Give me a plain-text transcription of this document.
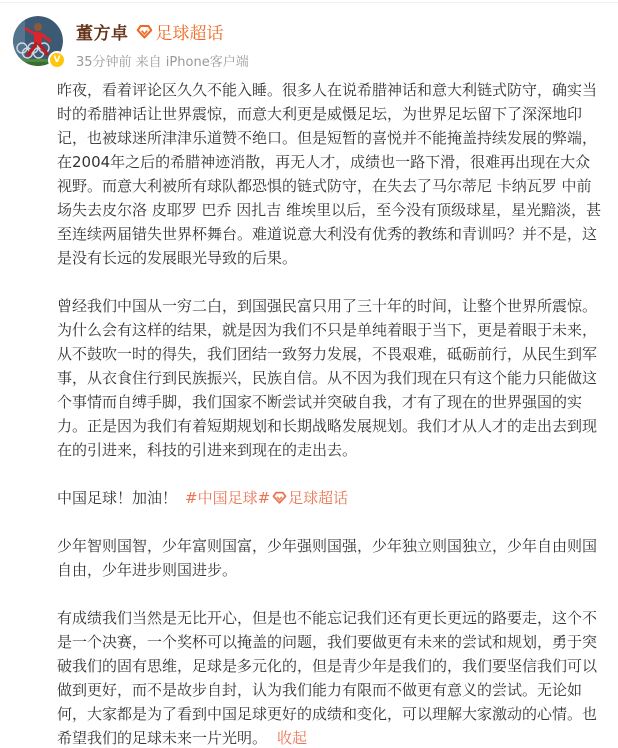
V
董方卓 足球超话
35分钟前 来自 iPhone客户端

昨夜，看着评论区久久不能入睡。很多人在说希腊神话和意大利链式防守，确实当时的希腊神话让世界震惊，而意大利更是威慑足坛，为世界足坛留下了深深地印记，也被球迷所津津乐道赞不绝口。但是短暂的喜悦并不能掩盖持续发展的弊端，在2004年之后的希腊神迹消散，再无人才，成绩也一路下滑，很难再出现在大众视野。而意大利被所有球队都恐惧的链式防守，在失去了马尔蒂尼 卡纳瓦罗 中前场失去皮尔洛 皮耶罗 巴乔 因扎吉 维埃里以后，至今没有顶级球星，星光黯淡，甚至连续两届错失世界杯舞台。难道说意大利没有优秀的教练和青训吗？并不是，这是没有长远的发展眼光导致的后果。

曾经我们中国从一穷二白，到国强民富只用了三十年的时间，让整个世界所震惊。为什么会有这样的结果，就是因为我们不只是单纯着眼于当下，更是着眼于未来，从不鼓吹一时的得失，我们团结一致努力发展，不畏艰难，砥砺前行，从民生到军事，从衣食住行到民族振兴，民族自信。从不因为我们现在只有这个能力只能做这个事情而自缚手脚，我们国家不断尝试并突破自我，才有了现在的世界强国的实力。正是因为我们有着短期规划和长期战略发展规划。我们才从人才的走出去到现在的引进来，科技的引进来到现在的走出去。

中国足球！加油！ #中国足球# 足球超话

少年智则国智，少年富则国富，少年强则国强，少年独立则国独立，少年自由则国自由，少年进步则国进步。

有成绩我们当然是无比开心，但是也不能忘记我们还有更长更远的路要走，这个不是一个决赛，一个奖杯可以掩盖的问题，我们要做更有未来的尝试和规划，勇于突破我们的固有思维，足球是多元化的，但是青少年是我们的，我们要坚信我们可以做到更好，而不是故步自封，认为我们能力有限而不做更有意义的尝试。无论如何，大家都是为了看到中国足球更好的成绩和变化，可以理解大家激动的心情。也希望我们的足球未来一片光明。 收起
